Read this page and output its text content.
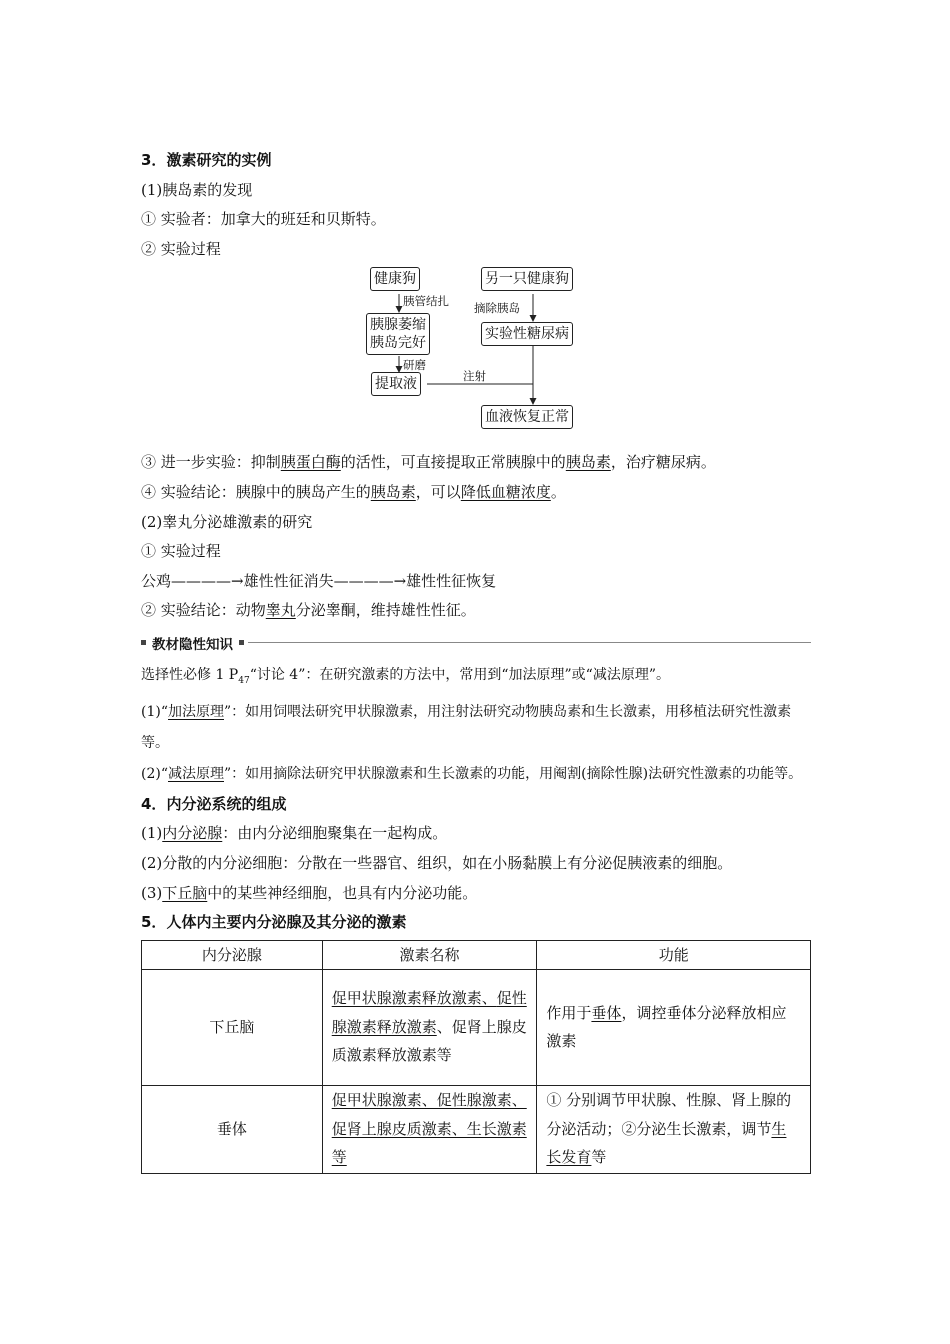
3．激素研究的实例
(1)胰岛素的发现
① 实验者：加拿大的班廷和贝斯特。
② 实验过程
健康狗	另一只健康狗
胰管结扎 摘除胰岛
胰腺萎缩
胰岛完好
实验性糖尿病
研磨
注射
提取液
血液恢复正常
③ 进一步实验：抑制胰蛋白酶的活性，可直接提取正常胰腺中的胰岛素，治疗糖尿病。
④ 实验结论：胰腺中的胰岛产生的胰岛素，可以降低血糖浓度。
(2)睾丸分泌雄激素的研究
① 实验过程
公鸡————→雄性性征消失————→雄性性征恢复
② 实验结论：动物睾丸分泌睾酮，维持雄性性征。
教材隐性知识
选择性必修 1 $P_{47}“$讨论 4”：在研究激素的方法中，常用到“加法原理”或“减法原理”。
(1)“加法原理”：如用饲喂法研究甲状腺激素，用注射法研究动物胰岛素和生长激素，用移植法研究性激素等。
(2)“减法原理”：如用摘除法研究甲状腺激素和生长激素的功能，用阉割(摘除性腺)法研究性激素的功能等。
4．内分泌系统的组成
(1)内分泌腺：由内分泌细胞聚集在一起构成。
(2)分散的内分泌细胞：分散在一些器官、组织，如在小肠黏膜上有分泌促胰液素的细胞。
(3)下丘脑中的某些神经细胞，也具有内分泌功能。
5．人体内主要内分泌腺及其分泌的激素
内分泌腺	激素名称	功能
下丘脑	促甲状腺激素释放激素、促性腺激素释放激素、促肾上腺皮质激素释放激素等	作用于垂体，调控垂体分泌释放相应激素
垂体	促甲状腺激素、促性腺激素、促肾上腺皮质激素、生长激素等	① 分别调节甲状腺、性腺、肾上腺的分泌活动；②分泌生长激素，调节生长发育等
